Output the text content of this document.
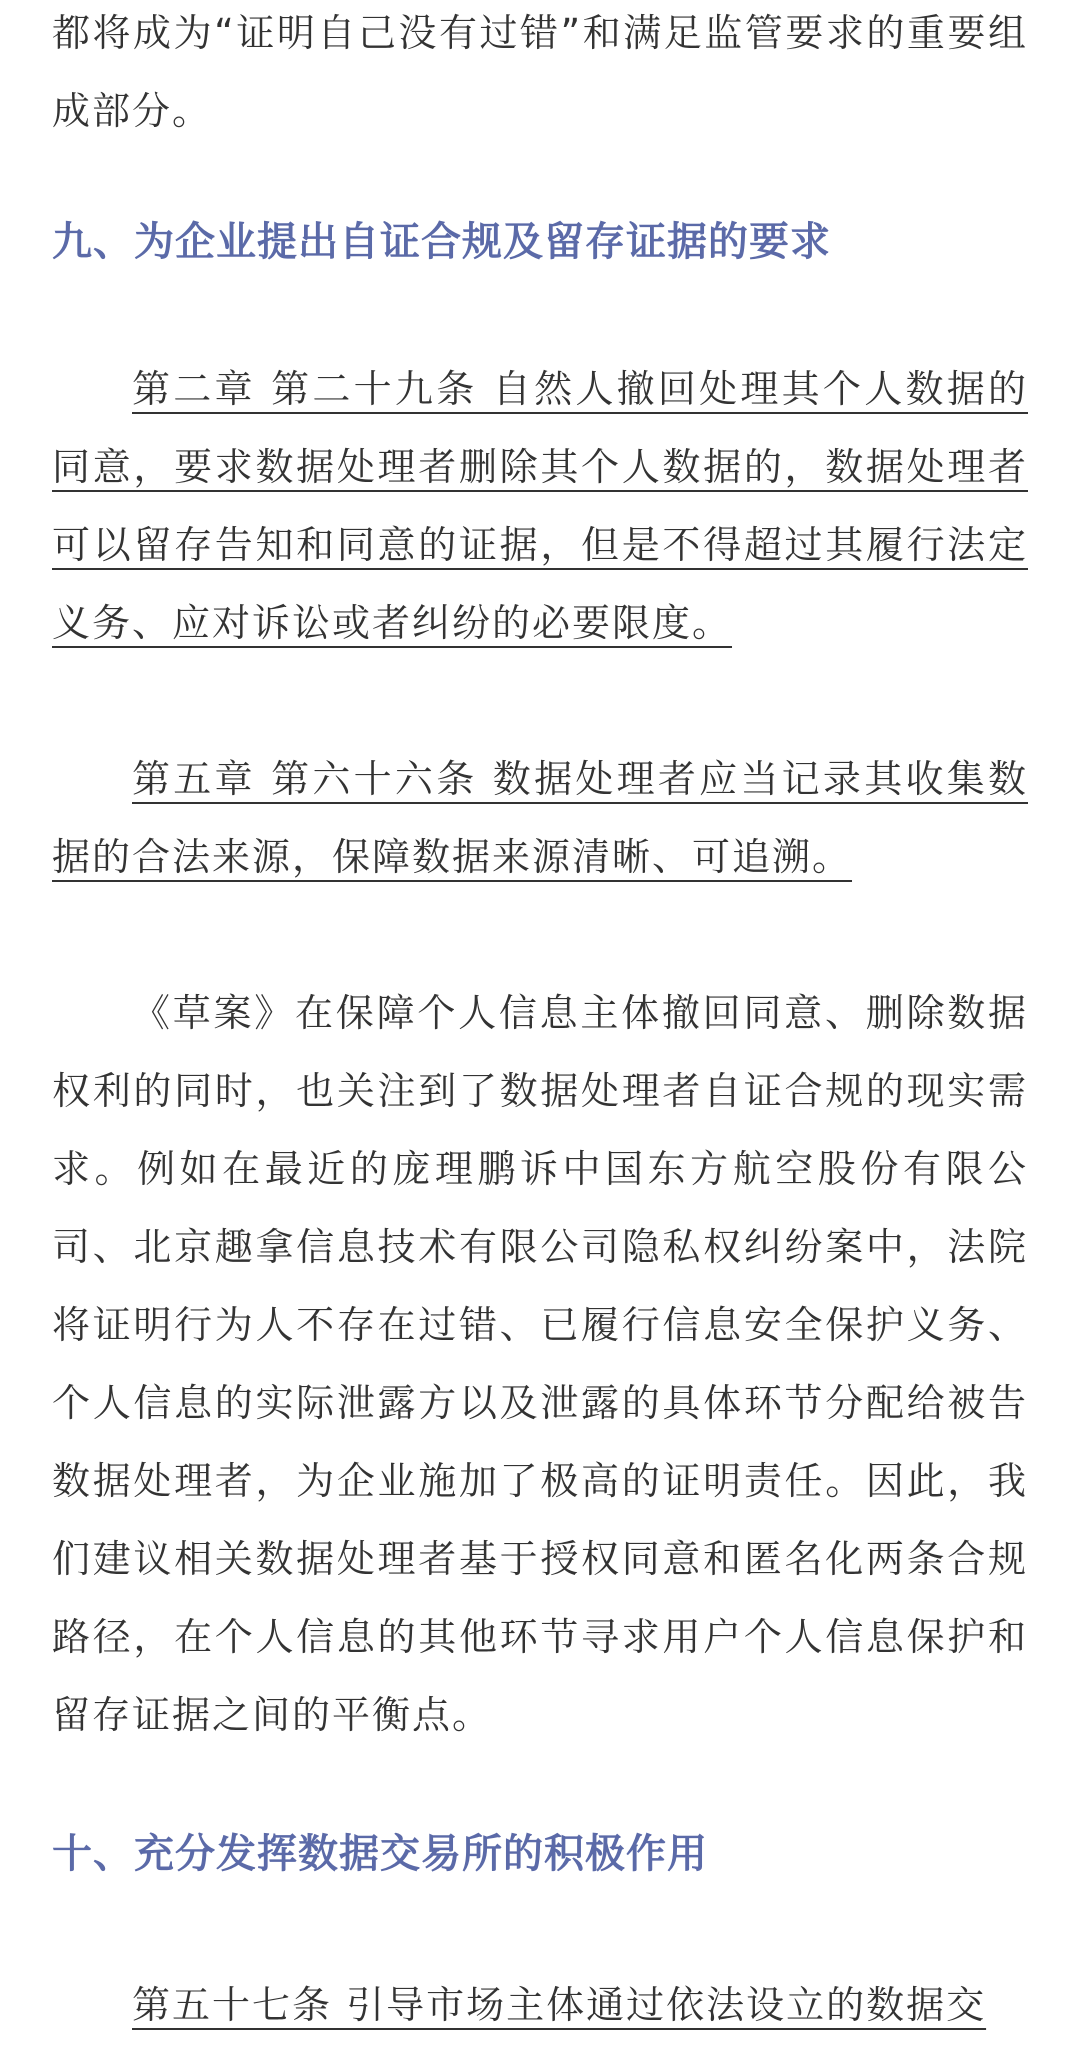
都将成为“证明自己没有过错”和满足监管要求的重要组成部分。

九、为企业提出自证合规及留存证据的要求

第二章 第二十九条 自然人撤回处理其个人数据的同意，要求数据处理者删除其个人数据的，数据处理者可以留存告知和同意的证据，但是不得超过其履行法定义务、应对诉讼或者纠纷的必要限度。

第五章 第六十六条 数据处理者应当记录其收集数据的合法来源，保障数据来源清晰、可追溯。

《草案》在保障个人信息主体撤回同意、删除数据权利的同时，也关注到了数据处理者自证合规的现实需求。例如在最近的庞理鹏诉中国东方航空股份有限公司、北京趣拿信息技术有限公司隐私权纠纷案中，法院将证明行为人不存在过错、已履行信息安全保护义务、个人信息的实际泄露方以及泄露的具体环节分配给被告数据处理者，为企业施加了极高的证明责任。因此，我们建议相关数据处理者基于授权同意和匿名化两条合规路径，在个人信息的其他环节寻求用户个人信息保护和留存证据之间的平衡点。

十、充分发挥数据交易所的积极作用

第五十七条 引导市场主体通过依法设立的数据交
